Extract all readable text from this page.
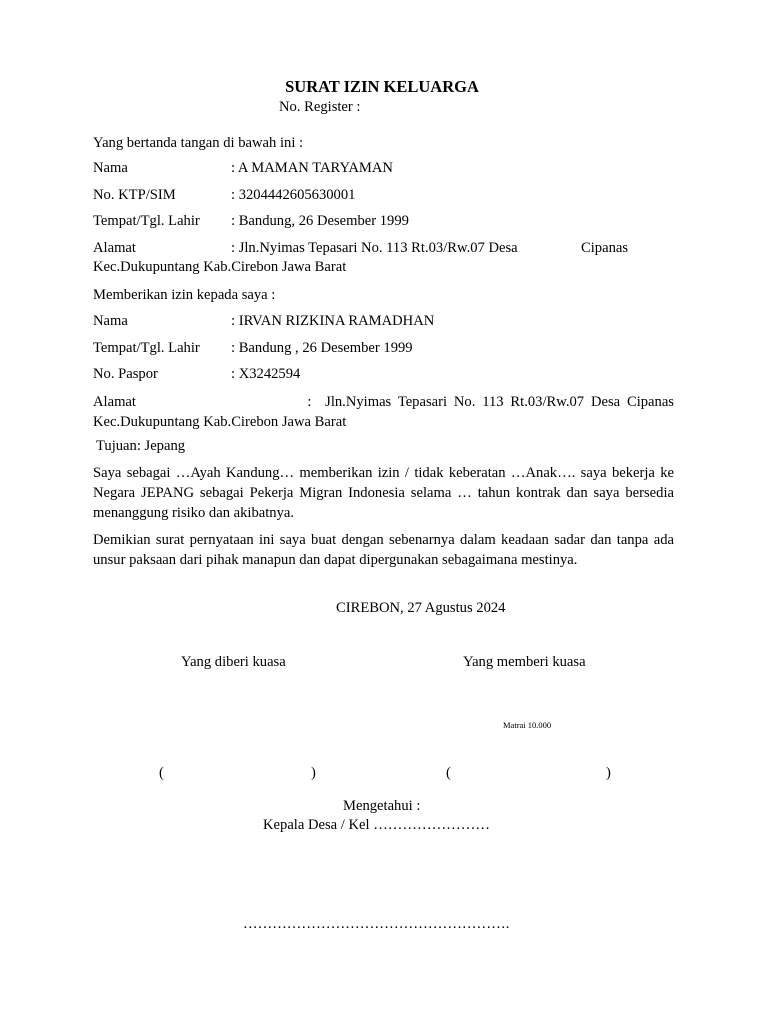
SURAT IZIN KELUARGA
No. Register :
Yang bertanda tangan di bawah ini :
Nama	: A MAMAN TARYAMAN
No. KTP/SIM	: 3204442605630001
Tempat/Tgl. Lahir : Bandung, 26 Desember 1999
Alamat	: Jln.Nyimas Tepasari No. 113 Rt.03/Rw.07 Desa	Cipanas
Kec.Dukupuntang Kab.Cirebon Jawa Barat
Memberikan izin kepada saya :
Nama	: IRVAN RIZKINA RAMADHAN
Tempat/Tgl. Lahir : Bandung , 26 Desember 1999
No. Paspor	: X3242594
Alamat                         :  Jln.Nyimas Tepasari No. 113 Rt.03/Rw.07 Desa Cipanas Kec.Dukupuntang Kab.Cirebon Jawa Barat
Tujuan: Jepang
Saya sebagai …Ayah Kandung… memberikan izin / tidak keberatan …Anak…. saya bekerja ke Negara JEPANG sebagai Pekerja Migran Indonesia selama … tahun kontrak dan saya bersedia menanggung risiko dan akibatnya.
Demikian surat pernyataan ini saya buat dengan sebenarnya dalam keadaan sadar dan tanpa ada unsur paksaan dari pihak manapun dan dapat dipergunakan sebagaimana mestinya.
CIREBON, 27 Agustus 2024
Yang diberi kuasa	Yang memberi kuasa
Matrai 10.000
(	)	(	)
Mengetahui :
Kepala Desa / Kel ……………………
……………………………………………….
